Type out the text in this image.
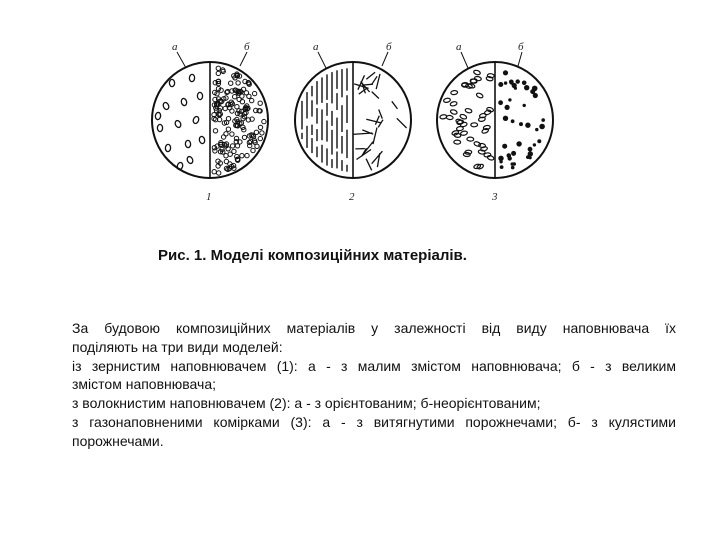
a	б
1
a	б
2
a	б
3
Рис. 1. Моделі композиційних матеріалів.
За будовою композиційних матеріалів у залежності від виду наповнювача їх
поділяють на три види моделей:
із зернистим наповнювачем (1): а - з малим змістом наповнювача; б - з великим
змістом наповнювача;
з волокнистим наповнювачем (2): а - з орієнтованим; б-неорієнтованим;
з газонаповненими комірками (3): а - з витягнутими порожнечами; б- з кулястими
порожнечами.
